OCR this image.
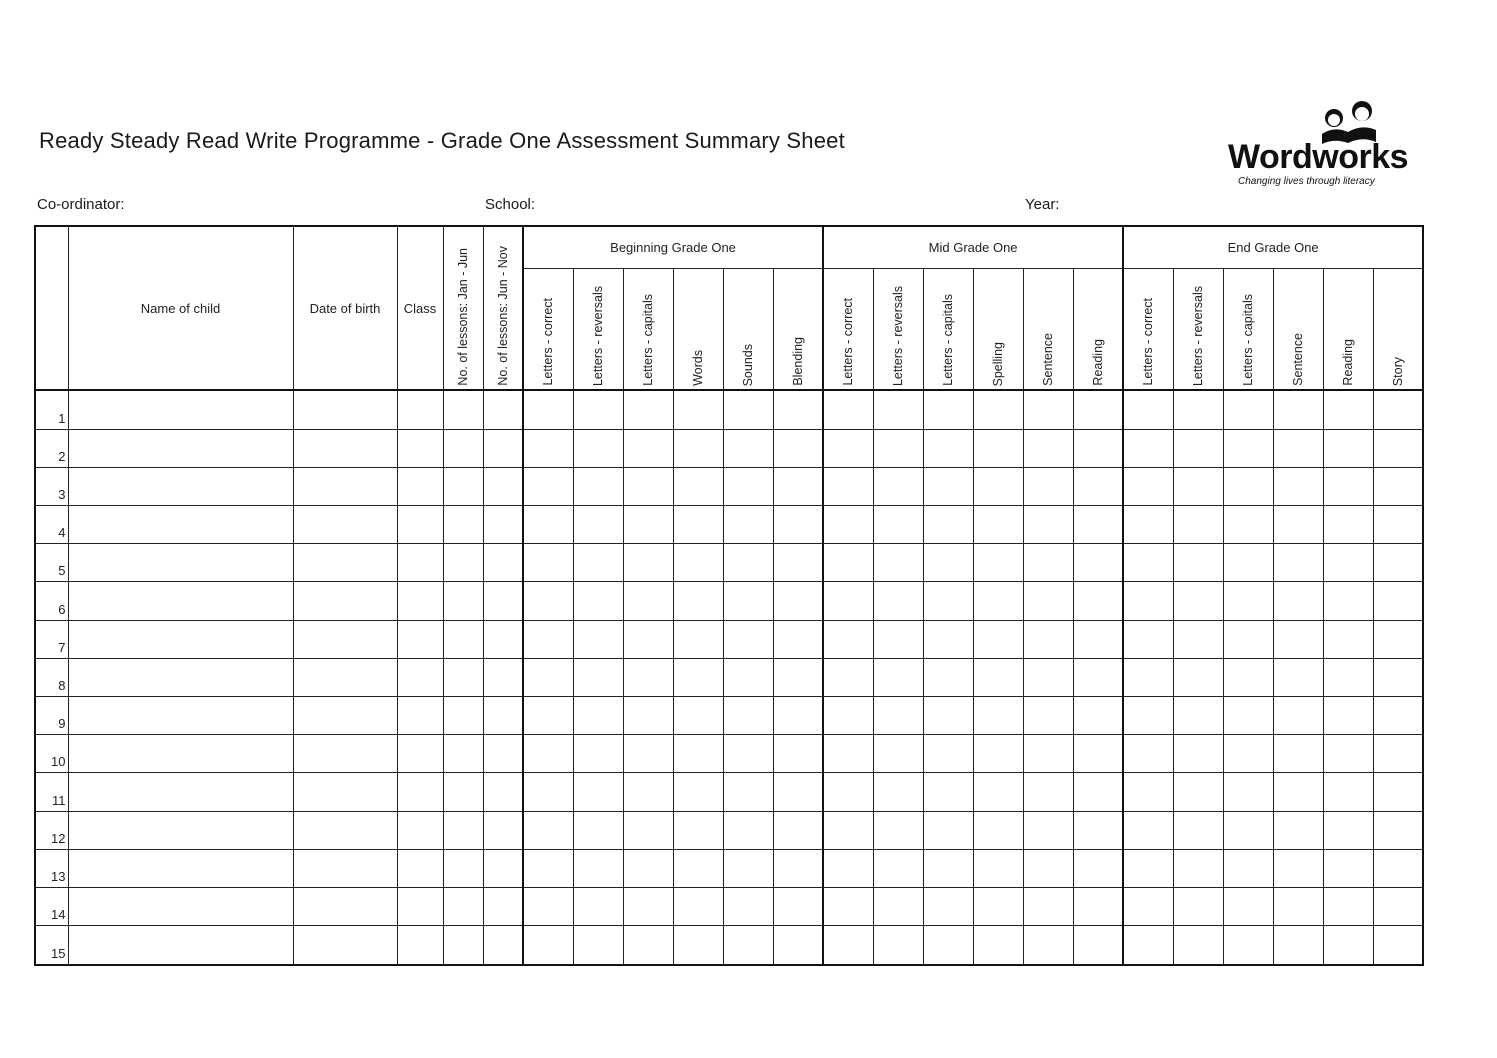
Ready Steady Read Write Programme - Grade One Assessment Summary Sheet	Wordworks
Changing lives through literacy
Co-ordinator:	School:	Year:
	Name of child	Date of birth	Class	No. of lessons: Jan - Jun	No. of lessons: Jun - Nov	Beginning Grade One						Mid Grade One						End Grade One					
						Letters - correct	Letters - reversals	Letters - capitals	Words	Sounds	Blending	Letters - correct	Letters - reversals	Letters - capitals	Spelling	Sentence	Reading	Letters - correct	Letters - reversals	Letters - capitals	Sentence	Reading	Story
1																							
2																							
3																							
4																							
5																							
6																							
7																							
8																							
9																							
10																							
11																							
12																							
13																							
14																							
15																							
